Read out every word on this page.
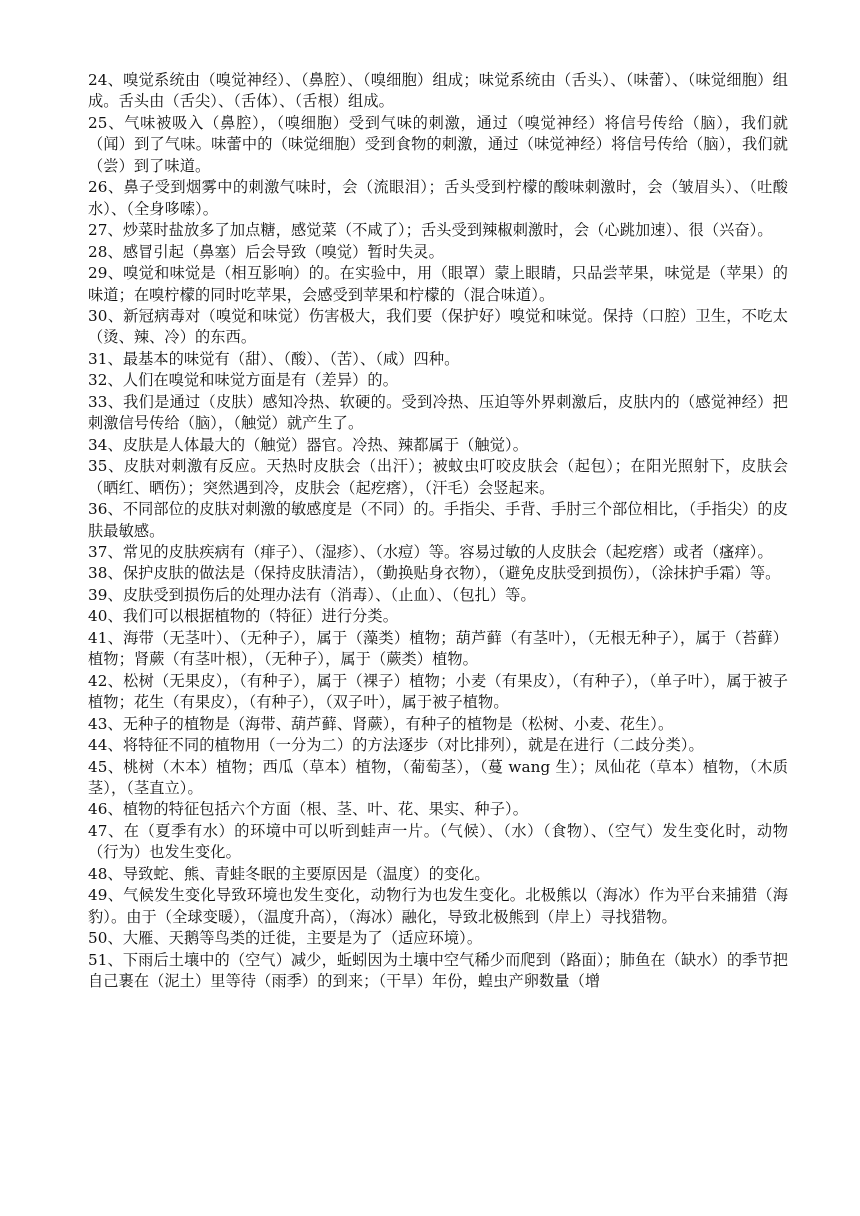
24、嗅觉系统由（嗅觉神经）、（鼻腔）、（嗅细胞）组成；味觉系统由（舌头）、（味蕾）、（味觉细胞）组成。舌头由（舌尖）、（舌体）、（舌根）组成。

25、气味被吸入（鼻腔），（嗅细胞）受到气味的刺激，通过（嗅觉神经）将信号传给（脑），我们就（闻）到了气味。味蕾中的（味觉细胞）受到食物的刺激，通过（味觉神经）将信号传给（脑），我们就（尝）到了味道。

26、鼻子受到烟雾中的刺激气味时，会（流眼泪）；舌头受到柠檬的酸味刺激时，会（皱眉头）、（吐酸水）、（全身哆嗦）。

27、炒菜时盐放多了加点糖，感觉菜（不咸了）；舌头受到辣椒刺激时，会（心跳加速）、很（兴奋）。

28、感冒引起（鼻塞）后会导致（嗅觉）暂时失灵。

29、嗅觉和味觉是（相互影响）的。在实验中，用（眼罩）蒙上眼睛，只品尝苹果，味觉是（苹果）的味道；在嗅柠檬的同时吃苹果，会感受到苹果和柠檬的（混合味道）。

30、新冠病毒对（嗅觉和味觉）伤害极大，我们要（保护好）嗅觉和味觉。保持（口腔）卫生，不吃太（烫、辣、冷）的东西。

31、最基本的味觉有（甜）、（酸）、（苦）、（咸）四种。

32、人们在嗅觉和味觉方面是有（差异）的。

33、我们是通过（皮肤）感知冷热、软硬的。受到冷热、压迫等外界刺激后，皮肤内的（感觉神经）把刺激信号传给（脑），（触觉）就产生了。

34、皮肤是人体最大的（触觉）器官。冷热、辣都属于（触觉）。

35、皮肤对刺激有反应。天热时皮肤会（出汗）；被蚊虫叮咬皮肤会（起包）；在阳光照射下，皮肤会（晒红、晒伤）；突然遇到冷，皮肤会（起疙瘩），（汗毛）会竖起来。

36、不同部位的皮肤对刺激的敏感度是（不同）的。手指尖、手背、手肘三个部位相比，（手指尖）的皮肤最敏感。

37、常见的皮肤疾病有（痱子）、（湿疹）、（水痘）等。容易过敏的人皮肤会（起疙瘩）或者（瘙痒）。

38、保护皮肤的做法是（保持皮肤清洁），（勤换贴身衣物），（避免皮肤受到损伤），（涂抹护手霜）等。

39、皮肤受到损伤后的处理办法有（消毒）、（止血）、（包扎）等。

40、我们可以根据植物的（特征）进行分类。

41、海带（无茎叶）、（无种子），属于（藻类）植物；葫芦藓（有茎叶），（无根无种子），属于（苔藓）植物；肾蕨（有茎叶根），（无种子），属于（蕨类）植物。

42、松树（无果皮），（有种子），属于（裸子）植物；小麦（有果皮），（有种子），（单子叶），属于被子植物；花生（有果皮），（有种子），（双子叶），属于被子植物。

43、无种子的植物是（海带、葫芦藓、肾蕨），有种子的植物是（松树、小麦、花生）。

44、将特征不同的植物用（一分为二）的方法逐步（对比排列），就是在进行（二歧分类）。

45、桃树（木本）植物；西瓜（草本）植物，（葡萄茎），（蔓 wang 生）；凤仙花（草本）植物，（木质茎），（茎直立）。

46、植物的特征包括六个方面（根、茎、叶、花、果实、种子）。

47、在（夏季有水）的环境中可以听到蛙声一片。（气候）、（水）（食物）、（空气）发生变化时，动物（行为）也发生变化。

48、导致蛇、熊、青蛙冬眠的主要原因是（温度）的变化。

49、气候发生变化导致环境也发生变化，动物行为也发生变化。北极熊以（海冰）作为平台来捕猎（海豹）。由于（全球变暖），（温度升高），（海冰）融化，导致北极熊到（岸上）寻找猎物。

50、大雁、天鹅等鸟类的迁徙，主要是为了（适应环境）。

51、下雨后土壤中的（空气）减少，蚯蚓因为土壤中空气稀少而爬到（路面）；肺鱼在（缺水）的季节把自己裹在（泥土）里等待（雨季）的到来；（干旱）年份，蝗虫产卵数量（增
